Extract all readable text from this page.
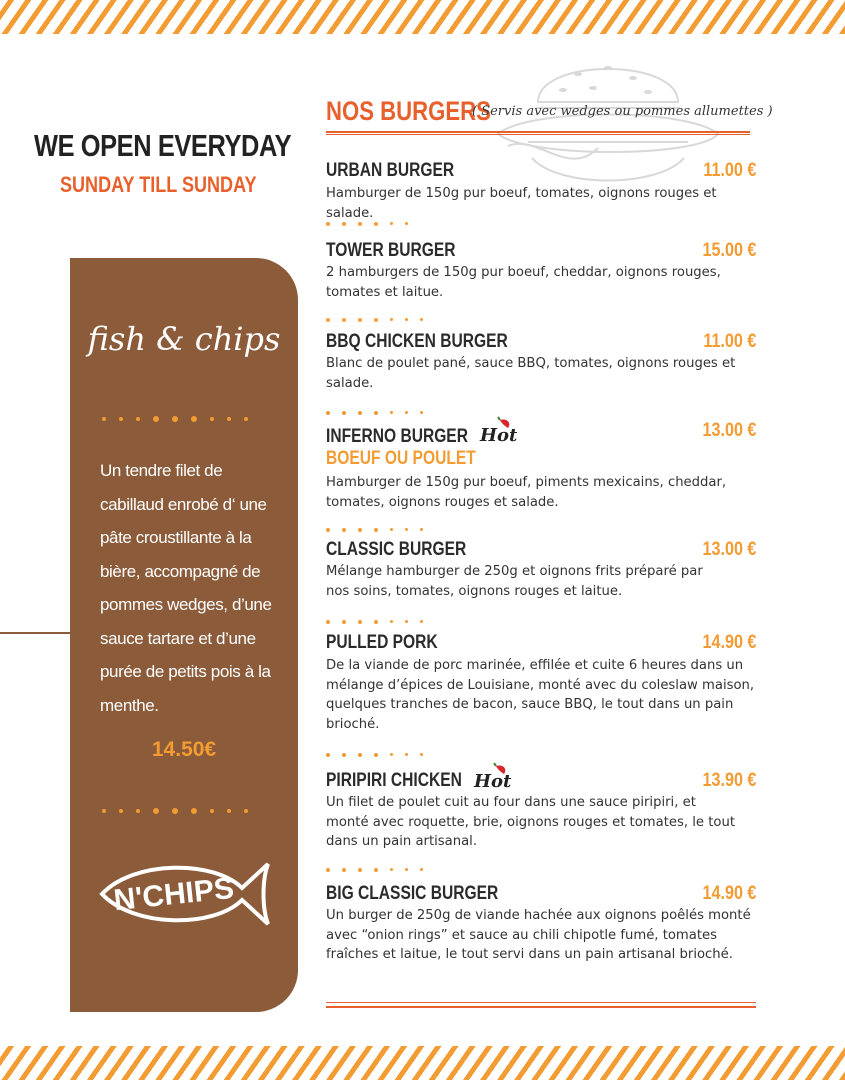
WE OPEN EVERYDAY
SUNDAY TILL SUNDAY
fish & chips
Un tendre filet de cabillaud enrobé d‘ une pâte croustillante à la bière, accompagné de pommes wedges, d’une sauce tartare et d’une purée de petits pois à la menthe.
14.50€
N'CHIPS
NOS BURGERS
( Servis avec wedges ou pommes allumettes )
URBAN BURGER	11.00 €
Hamburger de 150g pur boeuf, tomates, oignons rouges et salade.
TOWER BURGER	15.00 €
2 hamburgers de 150g pur boeuf, cheddar, oignons rouges, tomates et laitue.
BBQ CHICKEN BURGER	11.00 €
Blanc de poulet pané, sauce BBQ, tomates, oignons rouges et salade.
INFERNO BURGER
BOEUF OU POULET
13.00 €
Hamburger de 150g pur boeuf, piments mexicains, cheddar, tomates, oignons rouges et salade.
Hot
CLASSIC BURGER	13.00 €
Mélange hamburger de 250g et oignons frits préparé par nos soins, tomates, oignons rouges et laitue.
PULLED PORK	14.90 €
De la viande de porc marinée, effilée et cuite 6 heures dans un mélange d’épices de Louisiane, monté avec du coleslaw maison, quelques tranches de bacon, sauce BBQ, le tout dans un pain brioché.
PIRIPIRI CHICKEN	13.90 €
Un filet de poulet cuit au four dans une sauce piripiri, et monté avec roquette, brie, oignons rouges et tomates, le tout dans un pain artisanal.
Hot
BIG CLASSIC BURGER	14.90 €
Un burger de 250g de viande hachée aux oignons poêlés monté avec “onion rings” et sauce au chili chipotle fumé, tomates fraîches et laitue, le tout servi dans un pain artisanal brioché.
